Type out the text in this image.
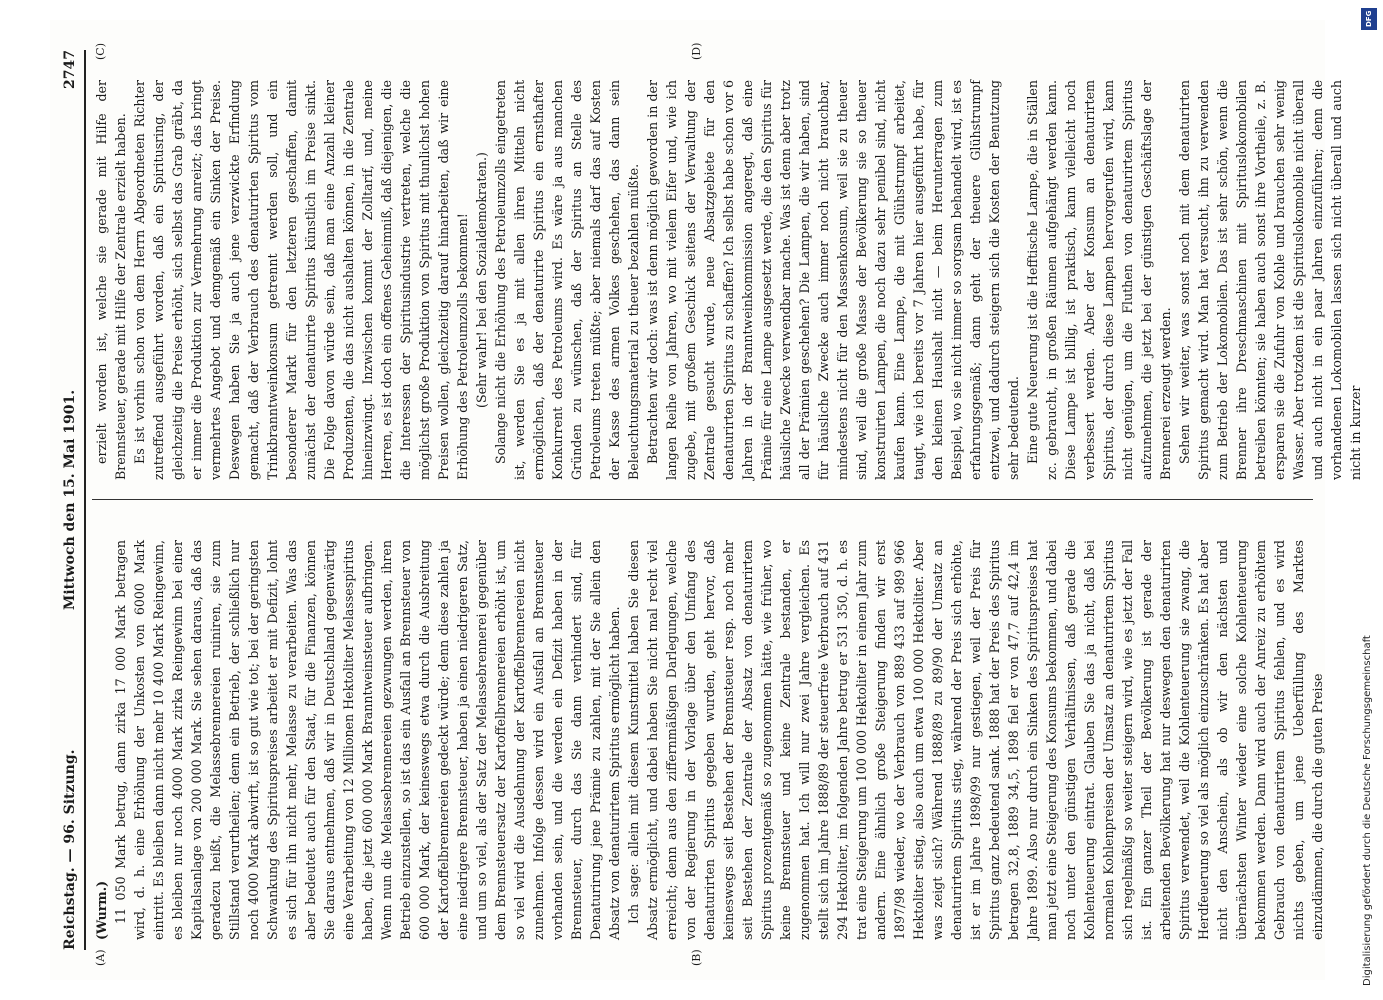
Reichstag. — 96. Sitzung.
Mittwoch den 15. Mai 1901.
2747
(A)	(B)
(C)	(D)

(Wurm.) 11 050 Mark betrug, dann zirka 17 000 Mark betragen wird, d. h. eine Erhöhung der Unkosten von 6000 Mark eintritt. Es bleiben dann nicht mehr 10 400 Mark Reingewinn, es bleiben nur noch 4000 Mark zirka Reingewinn bei einer Kapitalsanlage von 200 000 Mark. Sie sehen daraus, daß das geradezu heißt, die Melassebrennereien ruiniren, sie zum Stillstand verurtheilen; denn ein Betrieb, der schließlich nur noch 4000 Mark abwirft, ist so gut wie tot; bei der geringsten Schwankung des Spirituspreises arbeitet er mit Defizit, lohnt es sich für ihn nicht mehr, Melasse zu verarbeiten. Was das aber bedeutet auch für den Staat, für die Finanzen, können Sie daraus entnehmen, daß wir in Deutschland gegenwärtig eine Verarbeitung von 12 Millionen Hektoliter Melassespiritus haben, die jetzt 600 000 Mark Branntweinsteuer aufbringen. Wenn nun die Melassebrennereien gezwungen werden, ihren Betrieb einzustellen, so ist das ein Ausfall an Brennsteuer von 600 000 Mark, der keineswegs etwa durch die Ausbreitung der Kartoffelbrennereien gedeckt würde; denn diese zahlen ja eine niedrigere Brennsteuer, haben ja einen niedrigeren Satz, und um so viel, als der Satz der Melassebrennerei gegenüber dem Brennsteuersatz der Kartoffelbrennereien erhöht ist, um so viel wird die Ausdehnung der Kartoffelbrennereien nicht zunehmen. Infolge dessen wird ein Ausfall an Brennsteuer vorhanden sein, und die werden ein Defizit haben in der Brennsteuer, durch das Sie dann verhindert sind, für Denaturirung jene Prämie zu zahlen, mit der Sie allein den Absatz von denaturirtem Spiritus ermöglicht haben. Ich sage: allein mit diesem Kunstmittel haben Sie diesen Absatz ermöglicht, und dabei haben Sie nicht mal recht viel erreicht; denn aus den ziffernmäßigen Darlegungen, welche von der Regierung in der Vorlage über den Umfang des denaturirten Spiritus gegeben wurden, geht hervor, daß keineswegs seit Bestehen der Brennsteuer resp. noch mehr seit Bestehen der Zentrale der Absatz von denaturirtem Spiritus prozentgemäß so zugenommen hätte, wie früher, wo keine Brennsteuer und keine Zentrale bestanden, er zugenommen hat. Ich will nur zwei Jahre vergleichen. Es stellt sich im Jahre 1888/89 der steuerfreie Verbrauch auf 431 294 Hektoliter, im folgenden Jahre betrug er 531 350, d. h. es trat eine Steigerung um 100 000 Hektoliter in einem Jahr zum andern. Eine ähnlich große Steigerung finden wir erst 1897/98 wieder, wo der Verbrauch von 889 433 auf 989 966 Hektoliter stieg, also auch um etwa 100 000 Hektoliter. Aber was zeigt sich? Während 1888/89 zu 89/90 der Umsatz an denaturirtem Spiritus stieg, während der Preis sich erhöhte, ist er im Jahre 1898/99 nur gestiegen, weil der Preis für Spiritus ganz bedeutend sank. 1888 hat der Preis des Spiritus betragen 32,8, 1889 34,5, 1898 fiel er von 47,7 auf 42,4 im Jahre 1899. Also nur durch ein Sinken des Spirituspreises hat man jetzt eine Steigerung des Konsums bekommen, und dabei noch unter den günstigen Verhältnissen, daß gerade die Kohlenteuerung eintrat. Glauben Sie das ja nicht, daß bei normalen Kohlenpreisen der Umsatz an denaturirtem Spiritus sich regelmäßig so weiter steigern wird, wie es jetzt der Fall ist. Ein ganzer Theil der Bevölkerung ist gerade der arbeitenden Bevölkerung hat nur deswegen den denaturirten Spiritus verwendet, weil die Kohlenteuerung sie zwang, die Herdfeuerung so viel als möglich einzuschränken. Es hat aber nicht den Anschein, als ob wir den nächsten und übernächsten Winter wieder eine solche Kohlenteuerung bekommen werden. Dann wird auch der Anreiz zu erhöhtem Gebrauch von denaturirtem Spiritus fehlen, und es wird nichts geben, um jene Ueberfüllung des Marktes einzudämmen, die durch die guten Preise

erzielt worden ist, welche sie gerade mit Hilfe der Brennsteuer, gerade mit Hilfe der Zentrale erzielt haben. Es ist vorhin schon von dem Herrn Abgeordneten Richter zutreffend ausgeführt worden, daß ein Spiritusring, der gleichzeitig die Preise erhöht, sich selbst das Grab gräbt, da er immer die Produktion zur Vermehrung anreizt; das bringt vermehrtes Angebot und demgemäß ein Sinken der Preise. Deswegen haben Sie ja auch jene verzwickte Erfindung gemacht, daß der Verbrauch des denaturirten Spiritus vom Trinkbranntweinkonsum getrennt werden soll, und ein besonderer Markt für den letzteren geschaffen, damit zunächst der denaturirte Spiritus künstlich im Preise sinkt. Die Folge davon würde sein, daß man eine Anzahl kleiner Produzenten, die das nicht aushalten können, in die Zentrale hineinzwingt. Inzwischen kommt der Zolltarif, und, meine Herren, es ist doch ein offenes Geheimniß, daß diejenigen, die die Interessen der Spiritusindustrie vertreten, welche die möglichst große Produktion von Spiritus mit thunlichst hohen Preisen wollen, gleichzeitig darauf hinarbeiten, daß wir eine Erhöhung des Petroleumzolls bekommen! (Sehr wahr! bei den Sozialdemokraten.) Solange nicht die Erhöhung des Petroleumzolls eingetreten ist, werden Sie es ja mit allen ihren Mitteln nicht ermöglichen, daß der denaturirte Spiritus ein ernsthafter Konkurrent des Petroleums wird. Es wäre ja aus manchen Gründen zu wünschen, daß der Spiritus an Stelle des Petroleums treten müßte; aber niemals darf das auf Kosten der Kasse des armen Volkes geschehen, das dann sein Beleuchtungsmaterial zu theuer bezahlen müßte. Betrachten wir doch: was ist denn möglich geworden in der langen Reihe von Jahren, wo mit vielem Eifer und, wie ich zugebe, mit großem Geschick seitens der Verwaltung der Zentrale gesucht wurde, neue Absatzgebiete für den denaturirten Spiritus zu schaffen? Ich selbst habe schon vor 6 Jahren in der Branntweinkommission angeregt, daß eine Prämie für eine Lampe ausgesetzt werde, die den Spiritus für häusliche Zwecke verwendbar mache. Was ist denn aber trotz all der Prämien geschehen? Die Lampen, die wir haben, sind für häusliche Zwecke auch immer noch nicht brauchbar, mindestens nicht für den Massenkonsum, weil sie zu theuer sind, weil die große Masse der Bevölkerung sie so theuer konstruirten Lampen, die noch dazu sehr penibel sind, nicht kaufen kann. Eine Lampe, die mit Glühstrumpf arbeitet, taugt, wie ich bereits vor 7 Jahren hier ausgeführt habe, für den kleinen Haushalt nicht — beim Herunterragen zum Beispiel, wo sie nicht immer so sorgsam behandelt wird, ist es erfahrungsgemäß; dann geht der theuere Glühstrumpf entzwei, und dadurch steigern sich die Kosten der Benutzung sehr bedeutend. Eine gute Neuerung ist die Hefftische Lampe, die in Ställen zc. gebraucht, in großen Räumen aufgehängt werden kann. Diese Lampe ist billig, ist praktisch, kann vielleicht noch verbessert werden. Aber der Konsum an denaturirtem Spiritus, der durch diese Lampen hervorgerufen wird, kann nicht genügen, um die Fluthen von denaturirtem Spiritus aufzunehmen, die jetzt bei der günstigen Geschäftslage der Brennerei erzeugt werden. Sehen wir weiter, was sonst noch mit dem denaturirten Spiritus gemacht wird. Man hat versucht, ihn zu verwenden zum Betrieb der Lokomobilen. Das ist sehr schön, wenn die Brenner ihre Dreschmaschinen mit Spirituslokomobilen betreiben könnten; sie haben auch sonst ihre Vortheile, z. B. ersparen sie die Zufuhr von Kohle und brauchen sehr wenig Wasser. Aber trotzdem ist die Spirituslokomobile nicht überall und auch nicht in ein paar Jahren einzuführen; denn die vorhandenen Lokomobilen lassen sich nicht überall und auch nicht in kurzer

DFG
Digitalisierung gefördert durch die Deutsche Forschungsgemeinschaft
